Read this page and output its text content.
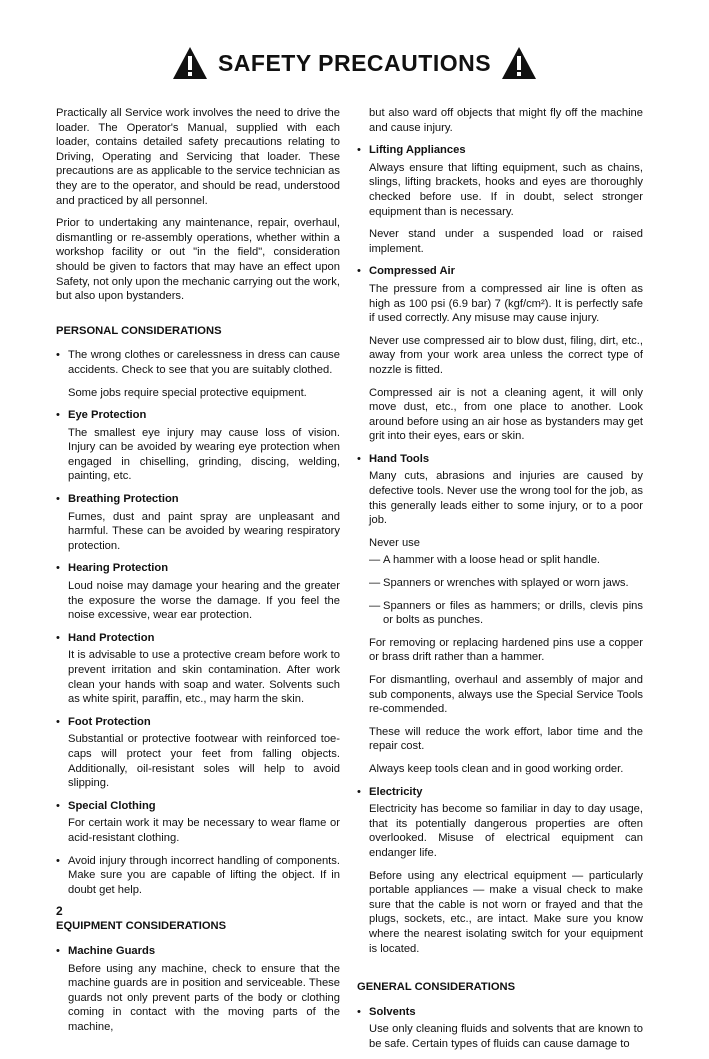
SAFETY PRECAUTIONS

Practically all Service work involves the need to drive the loader. The Operator's Manual, supplied with each loader, contains detailed safety precautions relating to Driving, Operating and Servicing that loader. These precautions are as applicable to the service technician as they are to the operator, and should be read, understood and practiced by all personnel.

Prior to undertaking any maintenance, repair, overhaul, dismantling or re-assembly operations, whether within a workshop facility or out "in the field", consideration should be given to factors that may have an effect upon Safety, not only upon the mechanic carrying out the work, but also upon bystanders.

PERSONAL CONSIDERATIONS
• The wrong clothes or carelessness in dress can cause accidents. Check to see that you are suitably clothed.

Some jobs require special protective equipment.

• Eye Protection

The smallest eye injury may cause loss of vision. Injury can be avoided by wearing eye protection when engaged in chiselling, grinding, discing, welding, painting, etc.

• Breathing Protection

Fumes, dust and paint spray are unpleasant and harmful. These can be avoided by wearing respiratory protection.

• Hearing Protection

Loud noise may damage your hearing and the greater the exposure the worse the damage. If you feel the noise excessive, wear ear protection.

• Hand Protection

It is advisable to use a protective cream before work to prevent irritation and skin contamination. After work clean your hands with soap and water. Solvents such as white spirit, paraffin, etc., may harm the skin.

• Foot Protection

Substantial or protective footwear with reinforced toe-caps will protect your feet from falling objects. Additionally, oil-resistant soles will help to avoid slipping.

• Special Clothing

For certain work it may be necessary to wear flame or acid-resistant clothing.

• Avoid injury through incorrect handling of components. Make sure you are capable of lifting the object. If in doubt get help.

EQUIPMENT CONSIDERATIONS
• Machine Guards

Before using any machine, check to ensure that the machine guards are in position and serviceable. These guards not only prevent parts of the body or clothing coming in contact with the moving parts of the machine,

but also ward off objects that might fly off the machine and cause injury.

• Lifting Appliances

Always ensure that lifting equipment, such as chains, slings, lifting brackets, hooks and eyes are thoroughly checked before use. If in doubt, select stronger equipment than is necessary.

Never stand under a suspended load or raised implement.

• Compressed Air

The pressure from a compressed air line is often as high as 100 psi (6.9 bar) 7 (kgf/cm²). It is perfectly safe if used correctly. Any misuse may cause injury.

Never use compressed air to blow dust, filing, dirt, etc., away from your work area unless the correct type of nozzle is fitted.

Compressed air is not a cleaning agent, it will only move dust, etc., from one place to another. Look around before using an air hose as bystanders may get grit into their eyes, ears or skin.

• Hand Tools

Many cuts, abrasions and injuries are caused by defective tools. Never use the wrong tool for the job, as this generally leads either to some injury, or to a poor job.

Never use

— A hammer with a loose head or split handle.

— Spanners or wrenches with splayed or worn jaws.

— Spanners or files as hammers; or drills, clevis pins or bolts as punches.

For removing or replacing hardened pins use a copper or brass drift rather than a hammer.

For dismantling, overhaul and assembly of major and sub components, always use the Special Service Tools re-commended.

These will reduce the work effort, labor time and the repair cost.

Always keep tools clean and in good working order.

• Electricity

Electricity has become so familiar in day to day usage, that its potentially dangerous properties are often overlooked. Misuse of electrical equipment can endanger life.

Before using any electrical equipment — particularly portable appliances — make a visual check to make sure that the cable is not worn or frayed and that the plugs, sockets, etc., are intact. Make sure you know where the nearest isolating switch for your equipment is located.

GENERAL CONSIDERATIONS
• Solvents

Use only cleaning fluids and solvents that are known to be safe. Certain types of fluids can cause damage to

2
